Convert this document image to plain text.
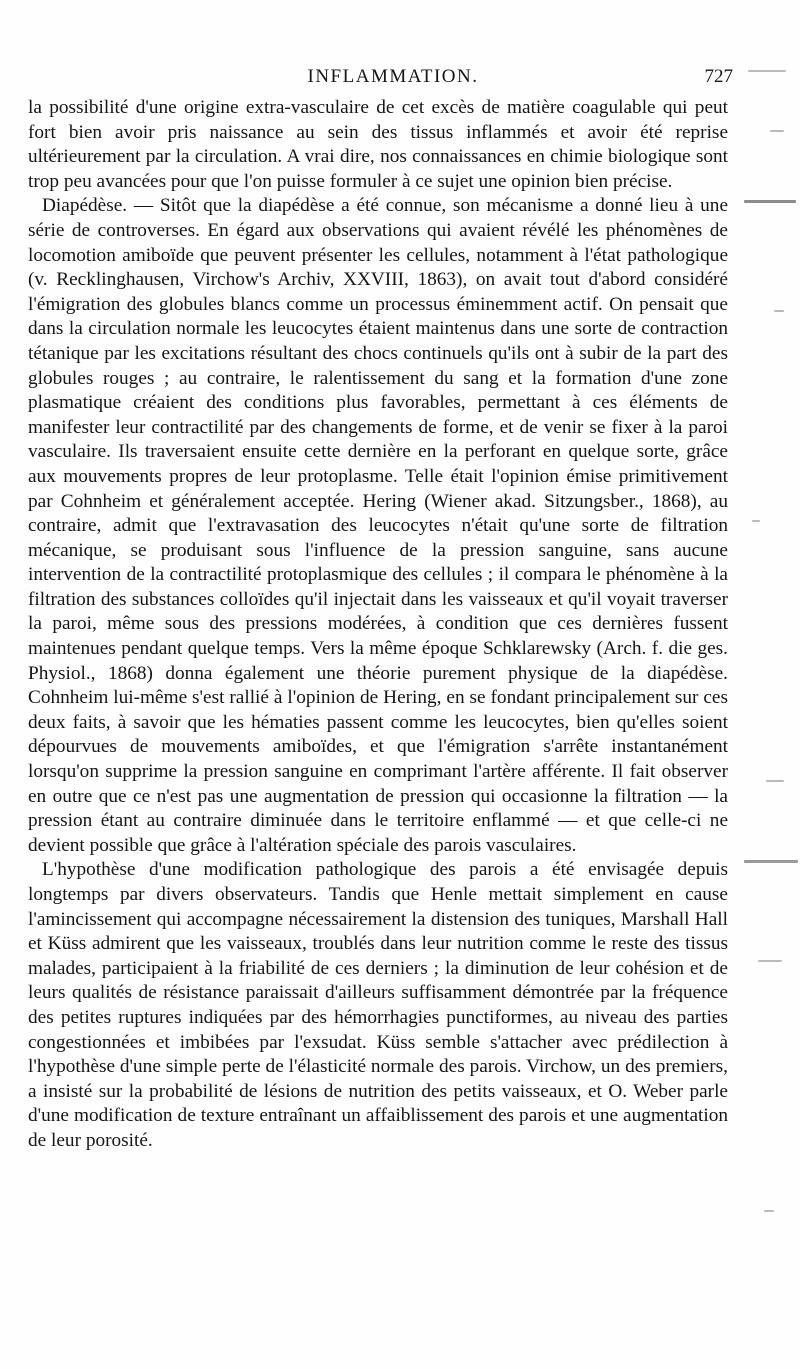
INFLAMMATION.	727

la possibilité d'une origine extra-vasculaire de cet excès de matière coagulable qui peut fort bien avoir pris naissance au sein des tissus inflammés et avoir été reprise ultérieurement par la circulation. A vrai dire, nos connaissances en chimie biologique sont trop peu avancées pour que l'on puisse formuler à ce sujet une opinion bien précise.

Diapédèse. — Sitôt que la diapédèse a été connue, son mécanisme a donné lieu à une série de controverses. En égard aux observations qui avaient révélé les phénomènes de locomotion amiboïde que peuvent présenter les cellules, notamment à l'état pathologique (v. Recklinghausen, Virchow's Archiv, XXVIII, 1863), on avait tout d'abord considéré l'émigration des globules blancs comme un processus éminemment actif. On pensait que dans la circulation normale les leucocytes étaient maintenus dans une sorte de contraction tétanique par les excitations résultant des chocs continuels qu'ils ont à subir de la part des globules rouges ; au contraire, le ralentissement du sang et la formation d'une zone plasmatique créaient des conditions plus favorables, permettant à ces éléments de manifester leur contractilité par des changements de forme, et de venir se fixer à la paroi vasculaire. Ils traversaient ensuite cette dernière en la perforant en quelque sorte, grâce aux mouvements propres de leur protoplasme. Telle était l'opinion émise primitivement par Cohnheim et généralement acceptée. Hering (Wiener akad. Sitzungsber., 1868), au contraire, admit que l'extravasation des leucocytes n'était qu'une sorte de filtration mécanique, se produisant sous l'influence de la pression sanguine, sans aucune intervention de la contractilité protoplasmique des cellules ; il compara le phénomène à la filtration des substances colloïdes qu'il injectait dans les vaisseaux et qu'il voyait traverser la paroi, même sous des pressions modérées, à condition que ces dernières fussent maintenues pendant quelque temps. Vers la même époque Schklarewsky (Arch. f. die ges. Physiol., 1868) donna également une théorie purement physique de la diapédèse. Cohnheim lui-même s'est rallié à l'opinion de Hering, en se fondant principalement sur ces deux faits, à savoir que les hématies passent comme les leucocytes, bien qu'elles soient dépourvues de mouvements amiboïdes, et que l'émigration s'arrête instantanément lorsqu'on supprime la pression sanguine en comprimant l'artère afférente. Il fait observer en outre que ce n'est pas une augmentation de pression qui occasionne la filtration — la pression étant au contraire diminuée dans le territoire enflammé — et que celle-ci ne devient possible que grâce à l'altération spéciale des parois vasculaires.

L'hypothèse d'une modification pathologique des parois a été envisagée depuis longtemps par divers observateurs. Tandis que Henle mettait simplement en cause l'amincissement qui accompagne nécessairement la distension des tuniques, Marshall Hall et Küss admirent que les vaisseaux, troublés dans leur nutrition comme le reste des tissus malades, participaient à la friabilité de ces derniers ; la diminution de leur cohésion et de leurs qualités de résistance paraissait d'ailleurs suffisamment démontrée par la fréquence des petites ruptures indiquées par des hémorrhagies punctiformes, au niveau des parties congestionnées et imbibées par l'exsudat. Küss semble s'attacher avec prédilection à l'hypothèse d'une simple perte de l'élasticité normale des parois. Virchow, un des premiers, a insisté sur la probabilité de lésions de nutrition des petits vaisseaux, et O. Weber parle d'une modification de texture entraînant un affaiblissement des parois et une augmentation de leur porosité.
